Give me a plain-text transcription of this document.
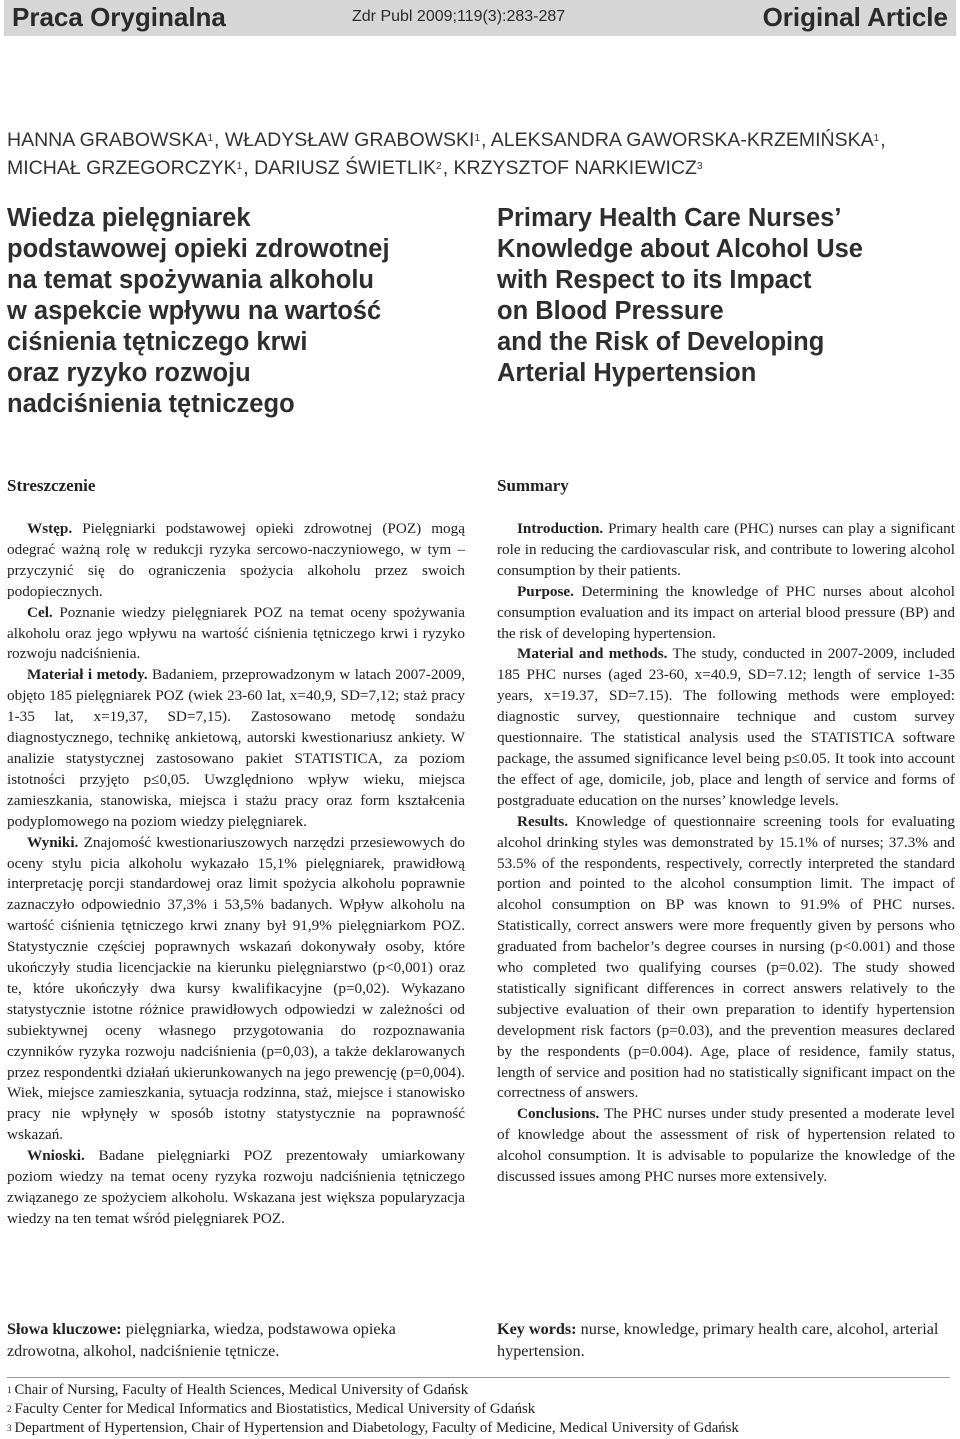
Praca Oryginalna	Zdr Publ 2009;119(3):283-287	Original Article
HANNA GRABOWSKA$^1$, WŁADYSŁAW GRABOWSKI$^1$, ALEKSANDRA GAWORSKA-KRZEMIŃSKA$^1$,
MICHAŁ GRZEGORCZYK$^1$, DARIUSZ ŚWIETLIK$^2$, KRZYSZTOF NARKIEWICZ$^3$
Wiedza pielęgniarek
podstawowej opieki zdrowotnej
na temat spożywania alkoholu
w aspekcie wpływu na wartość
ciśnienia tętniczego krwi
oraz ryzyko rozwoju
nadciśnienia tętniczego
Primary Health Care Nurses’
Knowledge about Alcohol Use
with Respect to its Impact
on Blood Pressure
and the Risk of Developing
Arterial Hypertension
Streszczenie	Summary

Wstęp. Pielęgniarki podstawowej opieki zdrowotnej (POZ) mogą odegrać ważną rolę w redukcji ryzyka sercowo-naczyniowego, w tym – przyczynić się do ograniczenia spożycia alkoholu przez swoich podopiecznych.

Cel. Poznanie wiedzy pielęgniarek POZ na temat oceny spożywania alkoholu oraz jego wpływu na wartość ciśnienia tętniczego krwi i ryzyko rozwoju nadciśnienia.

Materiał i metody. Badaniem, przeprowadzonym w latach 2007-2009, objęto 185 pielęgniarek POZ (wiek 23-60 lat, x=40,9, SD=7,12; staż pracy 1-35 lat, x=19,37, SD=7,15). Zastosowano metodę sondażu diagnostycznego, technikę ankietową, autorski kwestionariusz ankiety. W analizie statystycznej zastosowano pakiet STATISTICA, za poziom istotności przyjęto p≤0,05. Uwzględniono wpływ wieku, miejsca zamieszkania, stanowiska, miejsca i stażu pracy oraz form kształcenia podyplomowego na poziom wiedzy pielęgniarek.

Wyniki. Znajomość kwestionariuszowych narzędzi przesiewowych do oceny stylu picia alkoholu wykazało 15,1% pielęgniarek, prawidłową interpretację porcji standardowej oraz limit spożycia alkoholu poprawnie zaznaczyło odpowiednio 37,3% i 53,5% badanych. Wpływ alkoholu na wartość ciśnienia tętniczego krwi znany był 91,9% pielęgniarkom POZ. Statystycznie częściej poprawnych wskazań dokonywały osoby, które ukończyły studia licencjackie na kierunku pielęgniarstwo (p<0,001) oraz te, które ukończyły dwa kursy kwalifikacyjne (p=0,02). Wykazano statystycznie istotne różnice prawidłowych odpowiedzi w zależności od subiektywnej oceny własnego przygotowania do rozpoznawania czynników ryzyka rozwoju nadciśnienia (p=0,03), a także deklarowanych przez respondentki działań ukierunkowanych na jego prewencję (p=0,004). Wiek, miejsce zamieszkania, sytuacja rodzinna, staż, miejsce i stanowisko pracy nie wpłynęły w sposób istotny statystycznie na poprawność wskazań.

Wnioski. Badane pielęgniarki POZ prezentowały umiarkowany poziom wiedzy na temat oceny ryzyka rozwoju nadciśnienia tętniczego związanego ze spożyciem alkoholu. Wskazana jest większa popularyzacja wiedzy na ten temat wśród pielęgniarek POZ.

Introduction. Primary health care (PHC) nurses can play a significant role in reducing the cardiovascular risk, and contribute to lowering alcohol consumption by their patients.

Purpose. Determining the knowledge of PHC nurses about alcohol consumption evaluation and its impact on arterial blood pressure (BP) and the risk of developing hypertension.

Material and methods. The study, conducted in 2007-2009, included 185 PHC nurses (aged 23-60, x=40.9, SD=7.12; length of service 1-35 years, x=19.37, SD=7.15). The following methods were employed: diagnostic survey, questionnaire technique and custom survey questionnaire. The statistical analysis used the STATISTICA software package, the assumed significance level being p≤0.05. It took into account the effect of age, domicile, job, place and length of service and forms of postgraduate education on the nurses’ knowledge levels.

Results. Knowledge of questionnaire screening tools for evaluating alcohol drinking styles was demonstrated by 15.1% of nurses; 37.3% and 53.5% of the respondents, respectively, correctly interpreted the standard portion and pointed to the alcohol consumption limit. The impact of alcohol consumption on BP was known to 91.9% of PHC nurses. Statistically, correct answers were more frequently given by persons who graduated from bachelor’s degree courses in nursing (p<0.001) and those who completed two qualifying courses (p=0.02). The study showed statistically significant differences in correct answers relatively to the subjective evaluation of their own preparation to identify hypertension development risk factors (p=0.03), and the prevention measures declared by the respondents (p=0.004). Age, place of residence, family status, length of service and position had no statistically significant impact on the correctness of answers.

Conclusions. The PHC nurses under study presented a moderate level of knowledge about the assessment of risk of hypertension related to alcohol consumption. It is advisable to popularize the knowledge of the discussed issues among PHC nurses more extensively.

Słowa kluczowe: pielęgniarka, wiedza, podstawowa opieka zdrowotna, alkohol, nadciśnienie tętnicze.
Key words: nurse, knowledge, primary health care, alcohol, arterial hypertension.
$^1$ Chair of Nursing, Faculty of Health Sciences, Medical University of Gdańsk
$^2$ Faculty Center for Medical Informatics and Biostatistics, Medical University of Gdańsk
$^3$ Department of Hypertension, Chair of Hypertension and Diabetology, Faculty of Medicine, Medical University of Gdańsk
